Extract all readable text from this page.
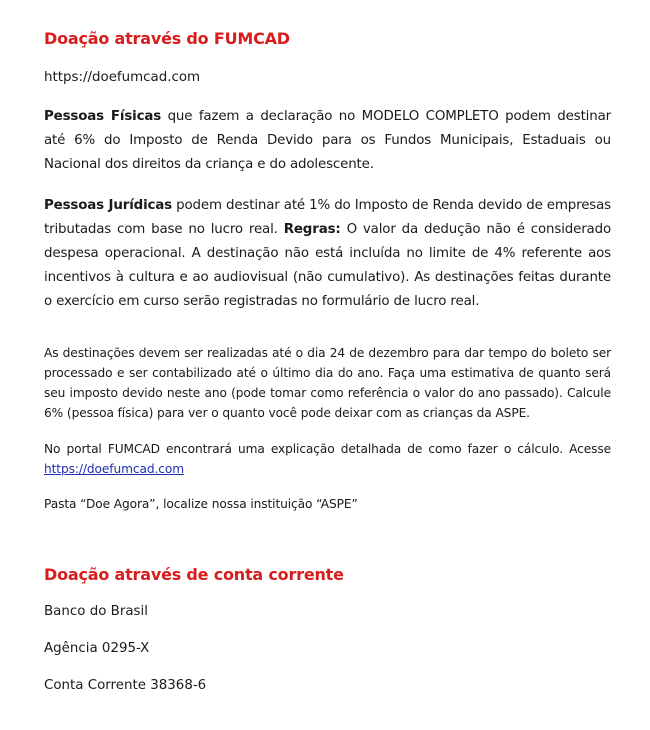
Doação através do FUMCAD

https://doefumcad.com

Pessoas Físicas que fazem a declaração no MODELO COMPLETO podem destinar até 6% do Imposto de Renda Devido para os Fundos Municipais, Estaduais ou Nacional dos direitos da criança e do adolescente.

Pessoas Jurídicas podem destinar até 1% do Imposto de Renda devido de empresas tributadas com base no lucro real. Regras: O valor da dedução não é considerado despesa operacional. A destinação não está incluída no limite de 4% referente aos incentivos à cultura e ao audiovisual (não cumulativo). As destinações feitas durante o exercício em curso serão registradas no formulário de lucro real.

As destinações devem ser realizadas até o dia 24 de dezembro para dar tempo do boleto ser processado e ser contabilizado até o último dia do ano. Faça uma estimativa de quanto será seu imposto devido neste ano (pode tomar como referência o valor do ano passado). Calcule 6% (pessoa física) para ver o quanto você pode deixar com as crianças da ASPE.

No portal FUMCAD encontrará uma explicação detalhada de como fazer o cálculo. Acesse https://doefumcad.com

Pasta “Doe Agora”, localize nossa instituição “ASPE”

Doação através de conta corrente

Banco do Brasil

Agência 0295-X

Conta Corrente 38368-6
